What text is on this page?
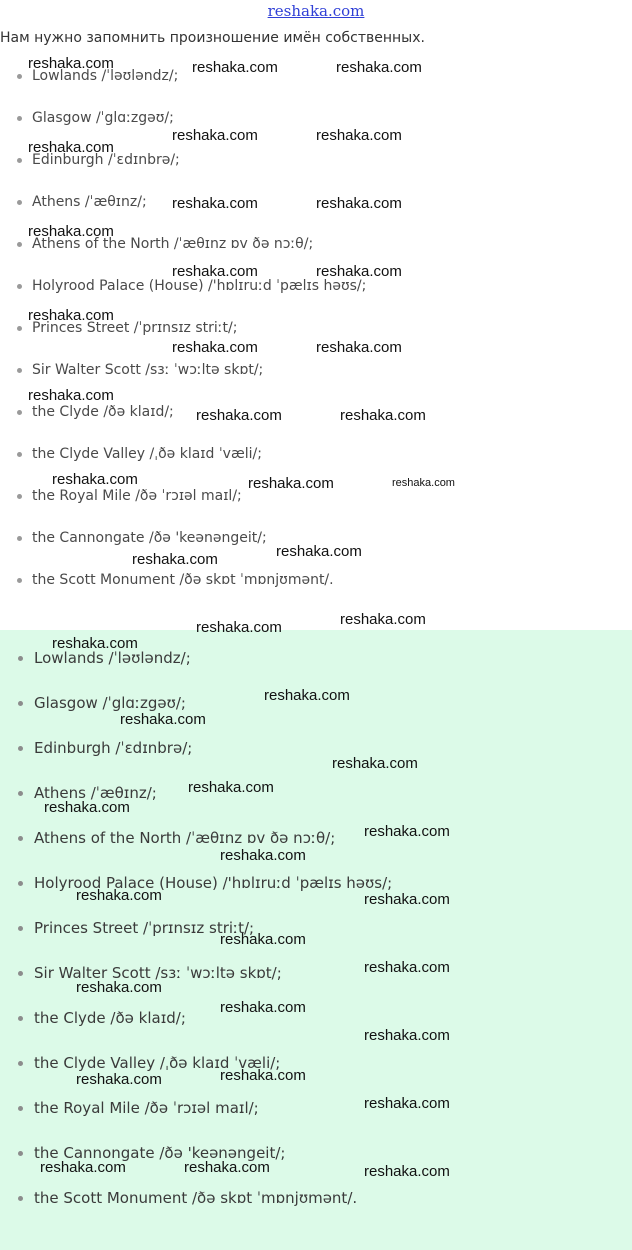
reshaka.com
Нам нужно запомнить произношение имён собственных.
Lowlands /ˈləʊləndz/;
Glasgow /ˈglɑːzgəʊ/;
Edinburgh /ˈɛdɪnbrə/;
Athens /ˈæθɪnz/;
Athens of the North /ˈæθɪnz ɒv ðə nɔːθ/;
Holyrood Palace (House) /'hɒlɪruːd ˈpælɪs həʊs/;
Princes Street /ˈprɪnsɪz striːt/;
Sir Walter Scott /sɜː ˈwɔːltə skɒt/;
the Clyde /ðə klaɪd/;
the Clyde Valley /ˌðə klaɪd ˈvæli/;
the Royal Mile /ðə ˈrɔɪəl maɪl/;
the Cannongate /ðə 'keənəngeit/;
the Scott Monument /ðə skɒt ˈmɒnjʊmənt/.
Lowlands /ˈləʊləndz/;
Glasgow /ˈglɑːzgəʊ/;
Edinburgh /ˈɛdɪnbrə/;
Athens /ˈæθɪnz/;
Athens of the North /ˈæθɪnz ɒv ðə nɔːθ/;
Holyrood Palace (House) /'hɒlɪruːd ˈpælɪs həʊs/;
Princes Street /ˈprɪnsɪz striːt/;
Sir Walter Scott /sɜː ˈwɔːltə skɒt/;
the Clyde /ðə klaɪd/;
the Clyde Valley /ˌðə klaɪd ˈvæli/;
the Royal Mile /ðə ˈrɔɪəl maɪl/;
the Cannongate /ðə 'keənəngeit/;
the Scott Monument /ðə skɒt ˈmɒnjʊmənt/.
reshaka.com	reshaka.com	reshaka.com
reshaka.com	reshaka.com
reshaka.com
reshaka.com	reshaka.com
reshaka.com
reshaka.com	reshaka.com
reshaka.com
reshaka.com	reshaka.com
reshaka.com
reshaka.com	reshaka.com
reshaka.com	reshaka.com	reshaka.com
reshaka.com
reshaka.com
reshaka.com
reshaka.com
reshaka.com
reshaka.com
reshaka.com
reshaka.com
reshaka.com
reshaka.com
reshaka.com
reshaka.com
reshaka.com	reshaka.com
reshaka.com
reshaka.com
reshaka.com
reshaka.com
reshaka.com
reshaka.com
reshaka.com
reshaka.com
reshaka.com	reshaka.com	reshaka.com
